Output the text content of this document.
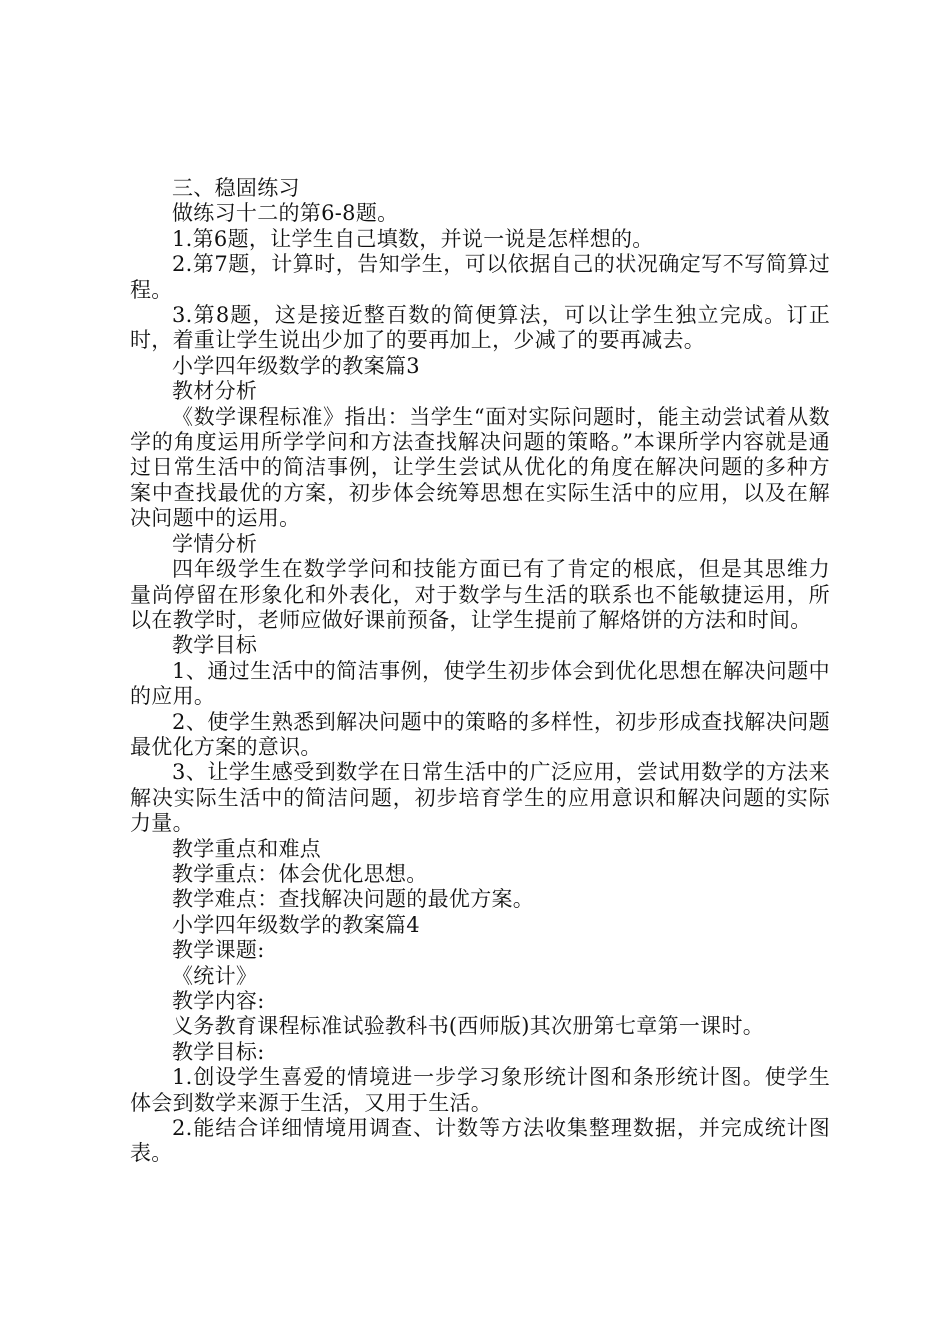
三、稳固练习

做练习十二的第6-8题。

1.第6题，让学生自己填数，并说一说是怎样想的。

2.第7题，计算时，告知学生，可以依据自己的状况确定写不写简算过程。

3.第8题，这是接近整百数的简便算法，可以让学生独立完成。订正时，着重让学生说出少加了的要再加上，少减了的要再减去。

小学四年级数学的教案篇3

教材分析

《数学课程标准》指出：当学生“面对实际问题时，能主动尝试着从数学的角度运用所学学问和方法查找解决问题的策略。”本课所学内容就是通过日常生活中的简洁事例，让学生尝试从优化的角度在解决问题的多种方案中查找最优的方案，初步体会统筹思想在实际生活中的应用，以及在解决问题中的运用。

学情分析

四年级学生在数学学问和技能方面已有了肯定的根底，但是其思维力量尚停留在形象化和外表化，对于数学与生活的联系也不能敏捷运用，所以在教学时，老师应做好课前预备，让学生提前了解烙饼的方法和时间。

教学目标

1、通过生活中的简洁事例，使学生初步体会到优化思想在解决问题中的应用。

2、使学生熟悉到解决问题中的策略的多样性，初步形成查找解决问题最优化方案的意识。

3、让学生感受到数学在日常生活中的广泛应用，尝试用数学的方法来解决实际生活中的简洁问题，初步培育学生的应用意识和解决问题的实际力量。

教学重点和难点

教学重点：体会优化思想。

教学难点：查找解决问题的最优方案。

小学四年级数学的教案篇4

教学课题:

《统计》

教学内容:

义务教育课程标准试验教科书(西师版)其次册第七章第一课时。

教学目标:

1.创设学生喜爱的情境进一步学习象形统计图和条形统计图。使学生体会到数学来源于生活，又用于生活。

2.能结合详细情境用调查、计数等方法收集整理数据，并完成统计图表。
